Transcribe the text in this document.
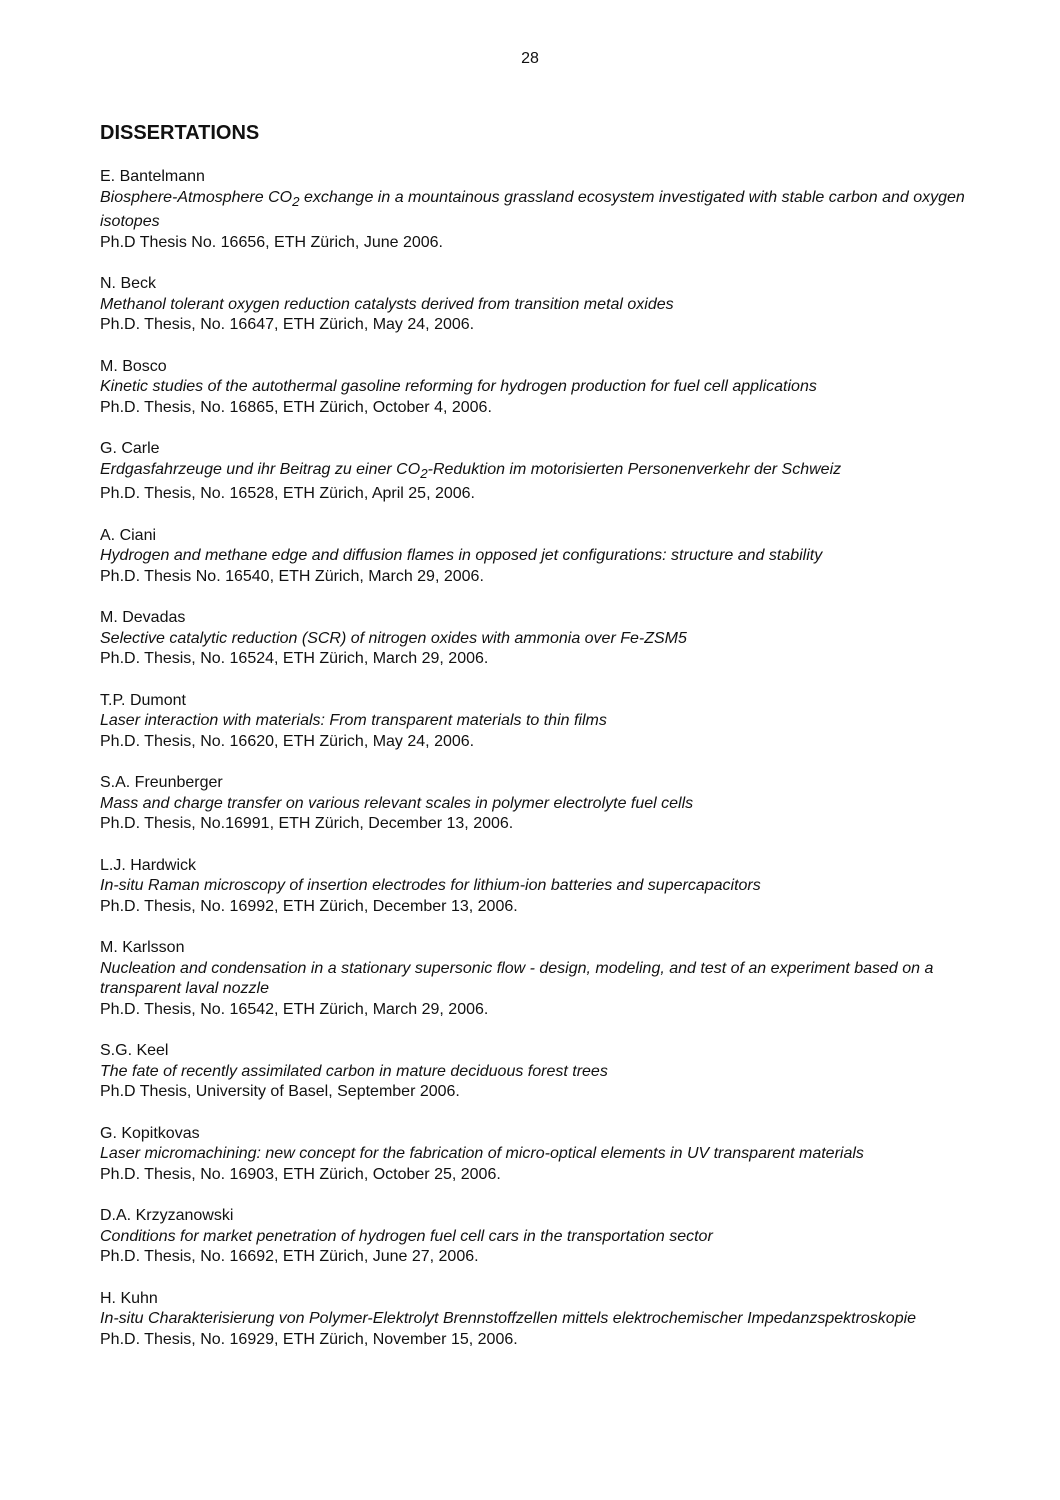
28
DISSERTATIONS
E. Bantelmann
Biosphere-Atmosphere $CO_2$ exchange in a mountainous grassland ecosystem investigated with stable carbon and oxygen isotopes
Ph.D Thesis No. 16656, ETH Zürich, June 2006.
N. Beck
Methanol tolerant oxygen reduction catalysts derived from transition metal oxides
Ph.D. Thesis, No. 16647, ETH Zürich, May 24, 2006.
M. Bosco
Kinetic studies of the autothermal gasoline reforming for hydrogen production for fuel cell applications
Ph.D. Thesis, No. 16865, ETH Zürich, October 4, 2006.
G. Carle
Erdgasfahrzeuge und ihr Beitrag zu einer $CO_2$-Reduktion im motorisierten Personenverkehr der Schweiz
Ph.D. Thesis, No. 16528, ETH Zürich, April 25, 2006.
A. Ciani
Hydrogen and methane edge and diffusion flames in opposed jet configurations: structure and stability
Ph.D. Thesis No. 16540, ETH Zürich, March 29, 2006.
M. Devadas
Selective catalytic reduction (SCR) of nitrogen oxides with ammonia over Fe-ZSM5
Ph.D. Thesis, No. 16524, ETH Zürich, March 29, 2006.
T.P. Dumont
Laser interaction with materials: From transparent materials to thin films
Ph.D. Thesis, No. 16620, ETH Zürich, May 24, 2006.
S.A. Freunberger
Mass and charge transfer on various relevant scales in polymer electrolyte fuel cells
Ph.D. Thesis, No.16991, ETH Zürich, December 13, 2006.
L.J. Hardwick
In-situ Raman microscopy of insertion electrodes for lithium-ion batteries and supercapacitors
Ph.D. Thesis, No. 16992, ETH Zürich, December 13, 2006.
M. Karlsson
Nucleation and condensation in a stationary supersonic flow - design, modeling, and test of an experiment based on a transparent laval nozzle
Ph.D. Thesis, No. 16542, ETH Zürich, March 29, 2006.
S.G. Keel
The fate of recently assimilated carbon in mature deciduous forest trees
Ph.D Thesis, University of Basel, September 2006.
G. Kopitkovas
Laser micromachining: new concept for the fabrication of micro-optical elements in UV transparent materials
Ph.D. Thesis, No. 16903, ETH Zürich, October 25, 2006.
D.A. Krzyzanowski
Conditions for market penetration of hydrogen fuel cell cars in the transportation sector
Ph.D. Thesis, No. 16692, ETH Zürich, June 27, 2006.
H. Kuhn
In-situ Charakterisierung von Polymer-Elektrolyt Brennstoffzellen mittels elektrochemischer Impedanzspektroskopie
Ph.D. Thesis, No. 16929, ETH Zürich, November 15, 2006.
